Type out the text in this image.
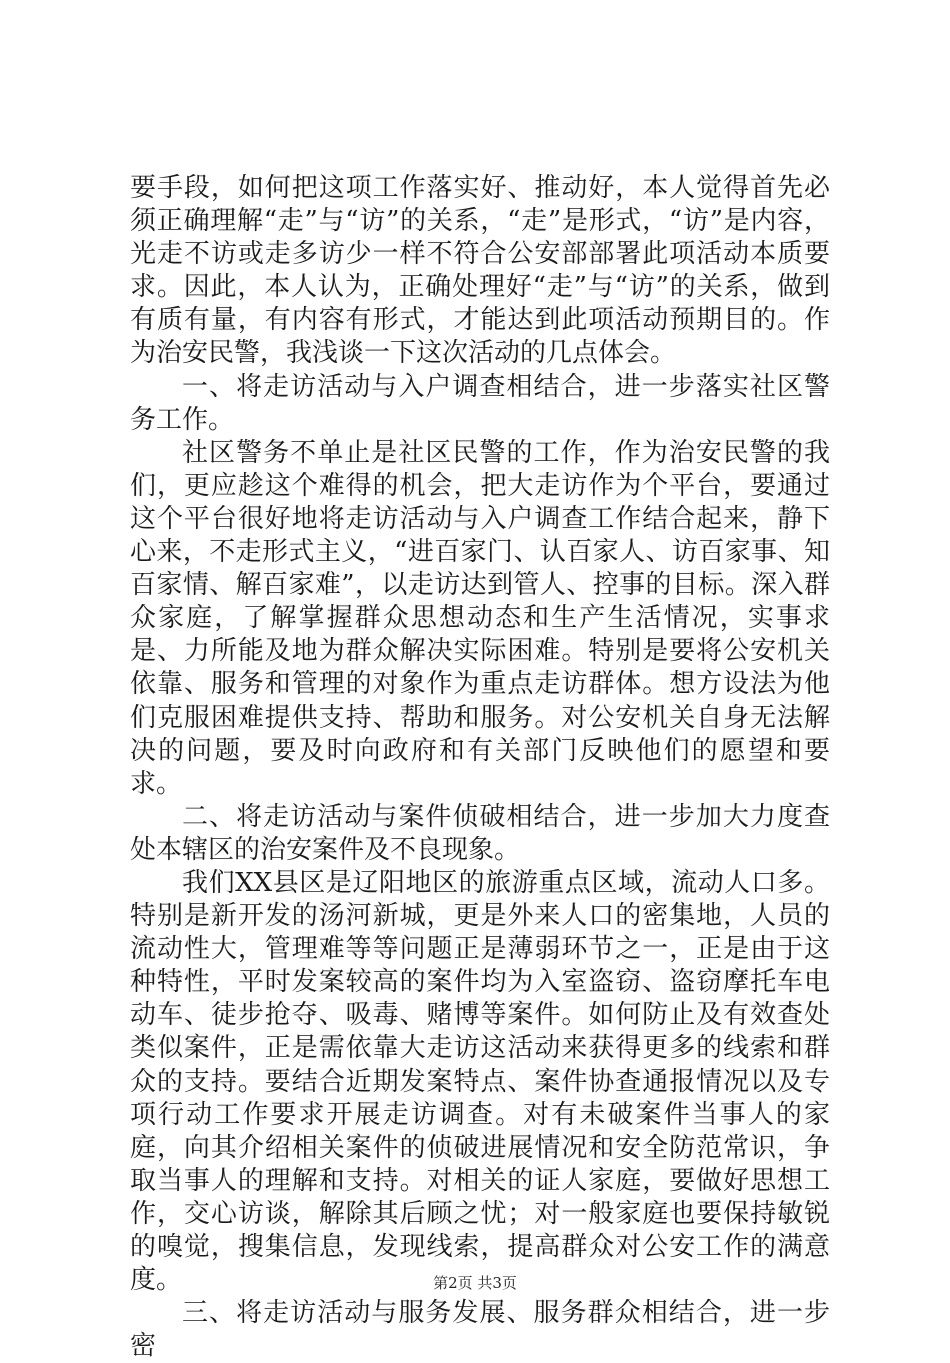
要手段，如何把这项工作落实好、推动好，本人觉得首先必须正确理解“走”与“访”的关系，“走”是形式，“访”是内容，光走不访或走多访少一样不符合公安部部署此项活动本质要求。因此，本人认为，正确处理好“走”与“访”的关系，做到有质有量，有内容有形式，才能达到此项活动预期目的。作为治安民警，我浅谈一下这次活动的几点体会。

一、将走访活动与入户调查相结合，进一步落实社区警务工作。

社区警务不单止是社区民警的工作，作为治安民警的我们，更应趁这个难得的机会，把大走访作为个平台，要通过这个平台很好地将走访活动与入户调查工作结合起来，静下心来，不走形式主义，“进百家门、认百家人、访百家事、知百家情、解百家难”，以走访达到管人、控事的目标。深入群众家庭，了解掌握群众思想动态和生产生活情况，实事求是、力所能及地为群众解决实际困难。特别是要将公安机关依靠、服务和管理的对象作为重点走访群体。想方设法为他们克服困难提供支持、帮助和服务。对公安机关自身无法解决的问题，要及时向政府和有关部门反映他们的愿望和要求。

二、将走访活动与案件侦破相结合，进一步加大力度查处本辖区的治安案件及不良现象。

我们XX县区是辽阳地区的旅游重点区域，流动人口多。特别是新开发的汤河新城，更是外来人口的密集地，人员的流动性大，管理难等等问题正是薄弱环节之一，正是由于这种特性，平时发案较高的案件均为入室盗窃、盗窃摩托车电动车、徒步抢夺、吸毒、赌博等案件。如何防止及有效查处类似案件，正是需依靠大走访这活动来获得更多的线索和群众的支持。要结合近期发案特点、案件协查通报情况以及专项行动工作要求开展走访调查。对有未破案件当事人的家庭，向其介绍相关案件的侦破进展情况和安全防范常识，争取当事人的理解和支持。对相关的证人家庭，要做好思想工作，交心访谈，解除其后顾之忧；对一般家庭也要保持敏锐的嗅觉，搜集信息，发现线索，提高群众对公安工作的满意度。

三、将走访活动与服务发展、服务群众相结合，进一步密

第2页 共3页
